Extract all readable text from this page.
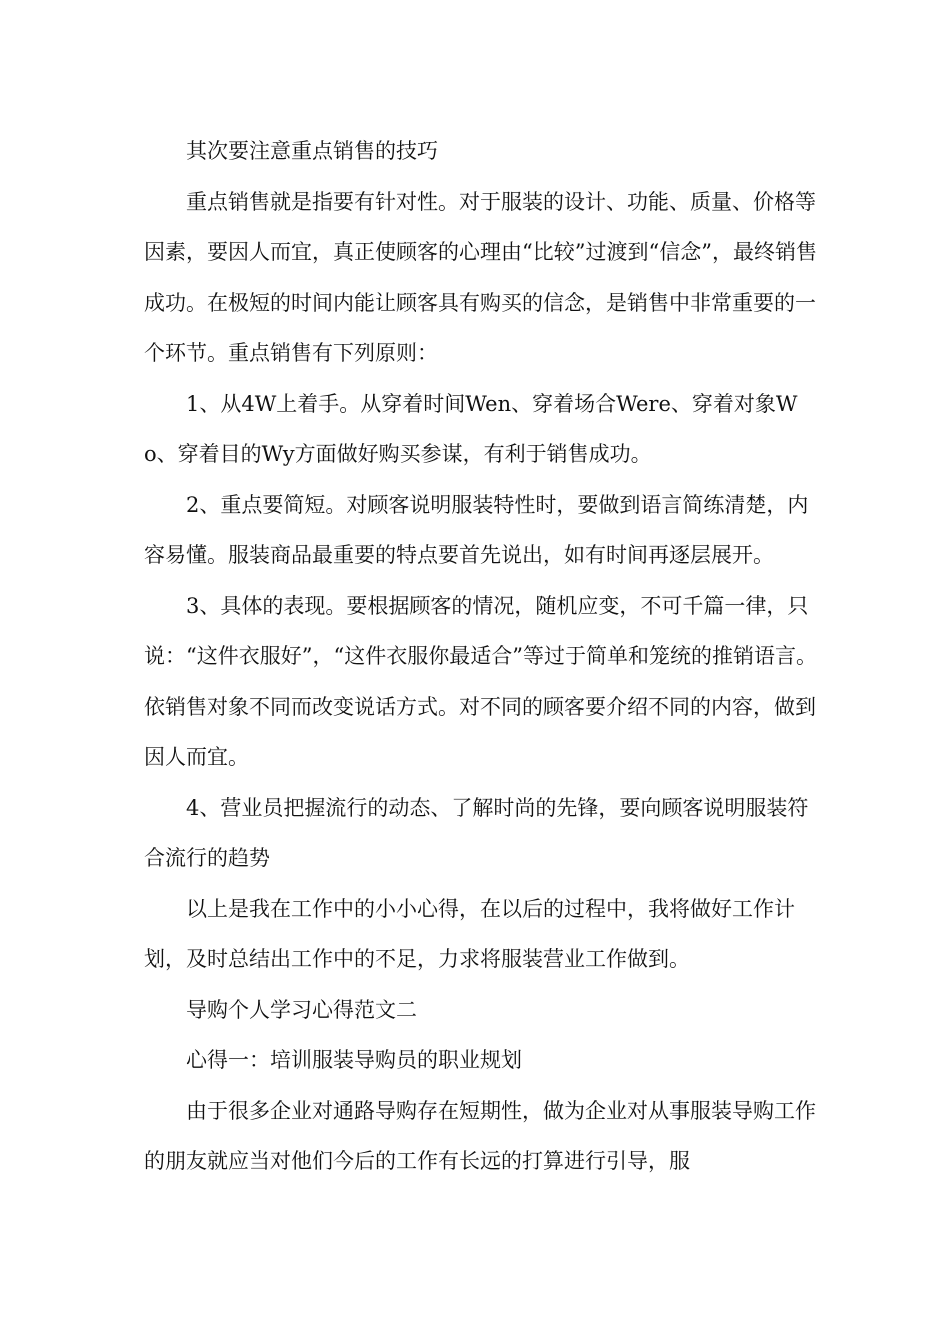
其次要注意重点销售的技巧

重点销售就是指要有针对性。对于服装的设计、功能、质量、价格等因素，要因人而宜，真正使顾客的心理由“比较”过渡到“信念”，最终销售成功。在极短的时间内能让顾客具有购买的信念，是销售中非常重要的一个环节。重点销售有下列原则：

1、从4W上着手。从穿着时间Wen、穿着场合Were、穿着对象Wo、穿着目的Wy方面做好购买参谋，有利于销售成功。

2、重点要简短。对顾客说明服装特性时，要做到语言简练清楚，内容易懂。服装商品最重要的特点要首先说出，如有时间再逐层展开。

3、具体的表现。要根据顾客的情况，随机应变，不可千篇一律，只说：“这件衣服好”，“这件衣服你最适合”等过于简单和笼统的推销语言。依销售对象不同而改变说话方式。对不同的顾客要介绍不同的内容，做到因人而宜。

4、营业员把握流行的动态、了解时尚的先锋，要向顾客说明服装符合流行的趋势

以上是我在工作中的小小心得，在以后的过程中，我将做好工作计划，及时总结出工作中的不足，力求将服装营业工作做到。

导购个人学习心得范文二

心得一：培训服装导购员的职业规划

由于很多企业对通路导购存在短期性，做为企业对从事服装导购工作的朋友就应当对他们今后的工作有长远的打算进行引导，服
